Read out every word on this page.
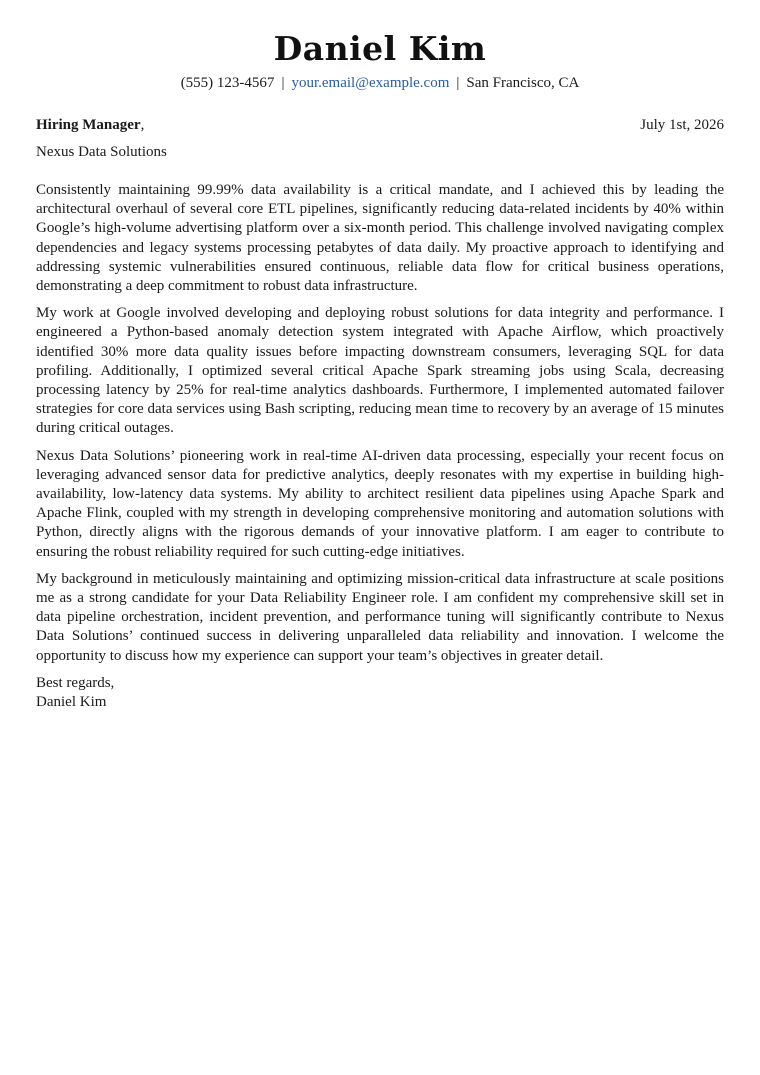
Daniel Kim
(555) 123-4567 | your.email@example.com | San Francisco, CA
Hiring Manager,	July 1st, 2026
Nexus Data Solutions

Consistently maintaining 99.99% data availability is a critical mandate, and I achieved this by leading the architectural overhaul of several core ETL pipelines, significantly reducing data-related incidents by 40% within Google’s high-volume advertising platform over a six-month period. This challenge involved navigating complex dependencies and legacy systems processing petabytes of data daily. My proactive approach to identifying and addressing systemic vulnerabilities ensured continuous, reliable data flow for critical business operations, demonstrating a deep commitment to robust data infrastructure.

My work at Google involved developing and deploying robust solutions for data integrity and performance. I engineered a Python-based anomaly detection system integrated with Apache Airflow, which proactively identified 30% more data quality issues before impacting downstream consumers, leveraging SQL for data profiling. Additionally, I optimized several critical Apache Spark streaming jobs using Scala, decreasing processing latency by 25% for real-time analytics dashboards. Furthermore, I implemented automated failover strategies for core data services using Bash scripting, reducing mean time to recovery by an average of 15 minutes during critical outages.

Nexus Data Solutions’ pioneering work in real-time AI-driven data processing, especially your recent focus on leveraging advanced sensor data for predictive analytics, deeply resonates with my expertise in building high-availability, low-latency data systems. My ability to architect resilient data pipelines using Apache Spark and Apache Flink, coupled with my strength in developing comprehensive monitoring and automation solutions with Python, directly aligns with the rigorous demands of your innovative platform. I am eager to contribute to ensuring the robust reliability required for such cutting-edge initiatives.

My background in meticulously maintaining and optimizing mission-critical data infrastructure at scale positions me as a strong candidate for your Data Reliability Engineer role. I am confident my comprehensive skill set in data pipeline orchestration, incident prevention, and performance tuning will significantly contribute to Nexus Data Solutions’ continued success in delivering unparalleled data reliability and innovation. I welcome the opportunity to discuss how my experience can support your team’s objectives in greater detail.

Best regards,
Daniel Kim
